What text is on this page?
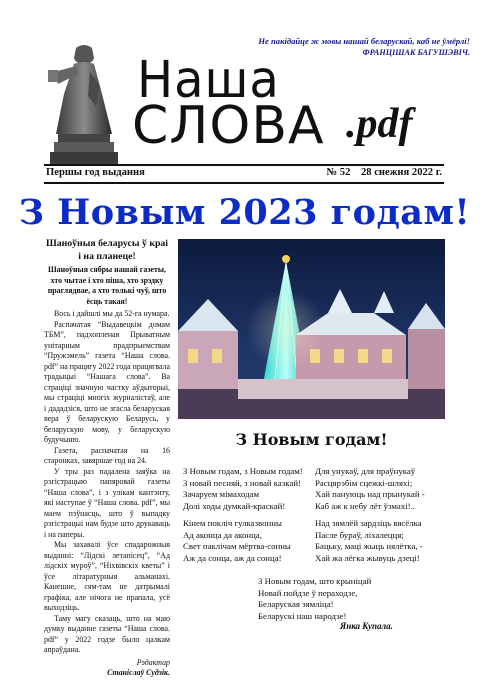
Не пакідайце ж мовы нашай беларускай, каб не ўмёрлі!

ФРАНЦІШАК БАГУШЭВІЧ.
Наша
СЛОВА .pdf
Першы год выдання	№ 52    28 снежня 2022 г.
З Новым 2023 годам!
Шаноўныя беларусы ў краі і на планеце!
Шаноўныя сябры нашай газеты, хто чытае і хто піша, хто зрэдку праглядвае, а хто толькі чуў, што ёсць такая!

Вось і дайшлі мы да 52-га нумара.

Распачатая “Выдавецкім домам ТБМ”, падхопленая Прыватным унітарным прадпрыемствам “Пружэмель” газета “Наша слова. pdf” на працягу 2022 года працягвала традыцыі “Нашага слова”. Ва страціці значную частку аўдыторыі, мы страціці многіх журналістаў, але і дададзіся, што не згасла беларуская вера ў беларускую Беларусь, у беларускую мову, у беларускую будучыню.

Газета, распачатая на 16 старонках, завяршае год на 24.

У тры раз падалена заяўка на рэгістрацыю папяровай газеты “Наша слова”, і з улікам кантэнту, які наступае ў “Наша слова. pdf”, мы маем пэўнасць, што ў выпадку рэгістрацыі нам будзе што друкаваць і на паперы.

Мы захавалі ўсе спадарожныя выданні: “Лідскі летапісец”, “Ад лідскіх муроў”, “Ніхвівскіх кветы” і ўсе літаратурныя альманахі. Канешне, сям-там не датрымалі графіка, але нічога не прапала, усё выходзіць.

Таму магу сказаць, што на маю думку выданне газеты “Наша слова. pdf” у 2022 годзе было цалкам апраўдана.

Рэдактар
Станіслаў Судзік.
З Новым годам!
З Новым годам, з Новым годам!
З новай песняй, з новай казкай!
Зачаруем мімаходам
Долі ходы думкай-краскай!
Для унукаў, для праўнукаў
Расцярэбім сцежкі-шляхі;
Хай пануюць над прынукай -
Каб аж к небу лёт ўзмахі!..
Кінем покліч гулказвонны
Ад аконца да аконца,
Свет паклічам мёртва-сонны
Аж да сонца, аж да сонца!
Над зямлёй зардзіць вясёлка
Пасле бураў, ліхалецця;
Бацьку, маці жыць нялётка, -
Хай жа лёгка жывуць дзеці!
З Новым годам, што крыніцай
Новай пойдзе ў пераходзе,
Беларуская зямліца!
Беларускі наш народзе!
Янка Купала.
